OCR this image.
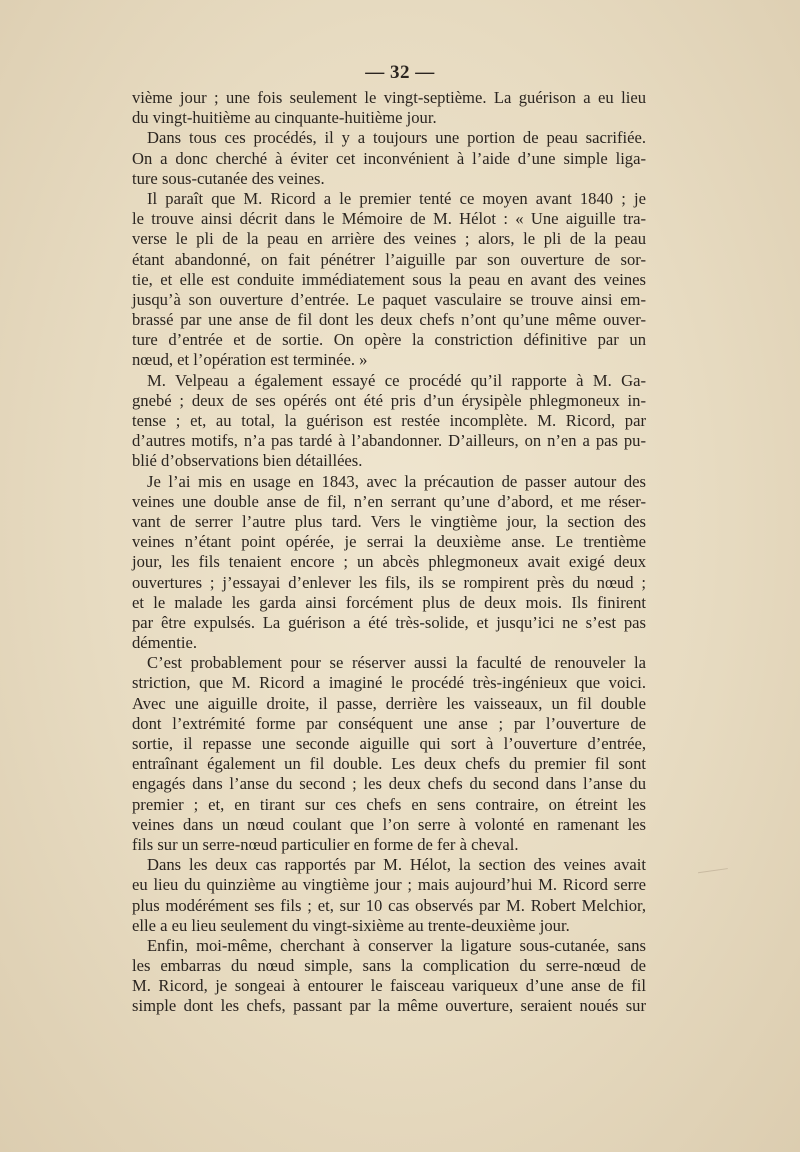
— 32 —
vième jour ; une fois seulement le vingt-septième. La guérison a eu lieu
du vingt-huitième au cinquante-huitième jour.
Dans tous ces procédés, il y a toujours une portion de peau sacrifiée.
On a donc cherché à éviter cet inconvénient à l’aide d’une simple liga-
ture sous-cutanée des veines.
Il paraît que M. Ricord a le premier tenté ce moyen avant 1840 ; je
le trouve ainsi décrit dans le Mémoire de M. Hélot : « Une aiguille tra-
verse le pli de la peau en arrière des veines ; alors, le pli de la peau
étant abandonné, on fait pénétrer l’aiguille par son ouverture de sor-
tie, et elle est conduite immédiatement sous la peau en avant des veines
jusqu’à son ouverture d’entrée. Le paquet vasculaire se trouve ainsi em-
brassé par une anse de fil dont les deux chefs n’ont qu’une même ouver-
ture d’entrée et de sortie. On opère la constriction définitive par un
nœud, et l’opération est terminée. »
M. Velpeau a également essayé ce procédé qu’il rapporte à M. Ga-
gnebé ; deux de ses opérés ont été pris d’un érysipèle phlegmoneux in-
tense ; et, au total, la guérison est restée incomplète. M. Ricord, par
d’autres motifs, n’a pas tardé à l’abandonner. D’ailleurs, on n’en a pas pu-
blié d’observations bien détaillées.
Je l’ai mis en usage en 1843, avec la précaution de passer autour des
veines une double anse de fil, n’en serrant qu’une d’abord, et me réser-
vant de serrer l’autre plus tard. Vers le vingtième jour, la section des
veines n’étant point opérée, je serrai la deuxième anse. Le trentième
jour, les fils tenaient encore ; un abcès phlegmoneux avait exigé deux
ouvertures ; j’essayai d’enlever les fils, ils se rompirent près du nœud ;
et le malade les garda ainsi forcément plus de deux mois. Ils finirent
par être expulsés. La guérison a été très-solide, et jusqu’ici ne s’est pas
démentie.
C’est probablement pour se réserver aussi la faculté de renouveler la
striction, que M. Ricord a imaginé le procédé très-ingénieux que voici.
Avec une aiguille droite, il passe, derrière les vaisseaux, un fil double
dont l’extrémité forme par conséquent une anse ; par l’ouverture de
sortie, il repasse une seconde aiguille qui sort à l’ouverture d’entrée,
entraînant également un fil double. Les deux chefs du premier fil sont
engagés dans l’anse du second ; les deux chefs du second dans l’anse du
premier ; et, en tirant sur ces chefs en sens contraire, on étreint les
veines dans un nœud coulant que l’on serre à volonté en ramenant les
fils sur un serre-nœud particulier en forme de fer à cheval.
Dans les deux cas rapportés par M. Hélot, la section des veines avait
eu lieu du quinzième au vingtième jour ; mais aujourd’hui M. Ricord serre
plus modérément ses fils ; et, sur 10 cas observés par M. Robert Melchior,
elle a eu lieu seulement du vingt-sixième au trente-deuxième jour.
Enfin, moi-même, cherchant à conserver la ligature sous-cutanée, sans
les embarras du nœud simple, sans la complication du serre-nœud de
M. Ricord, je songeai à entourer le faisceau variqueux d’une anse de fil
simple dont les chefs, passant par la même ouverture, seraient noués sur
